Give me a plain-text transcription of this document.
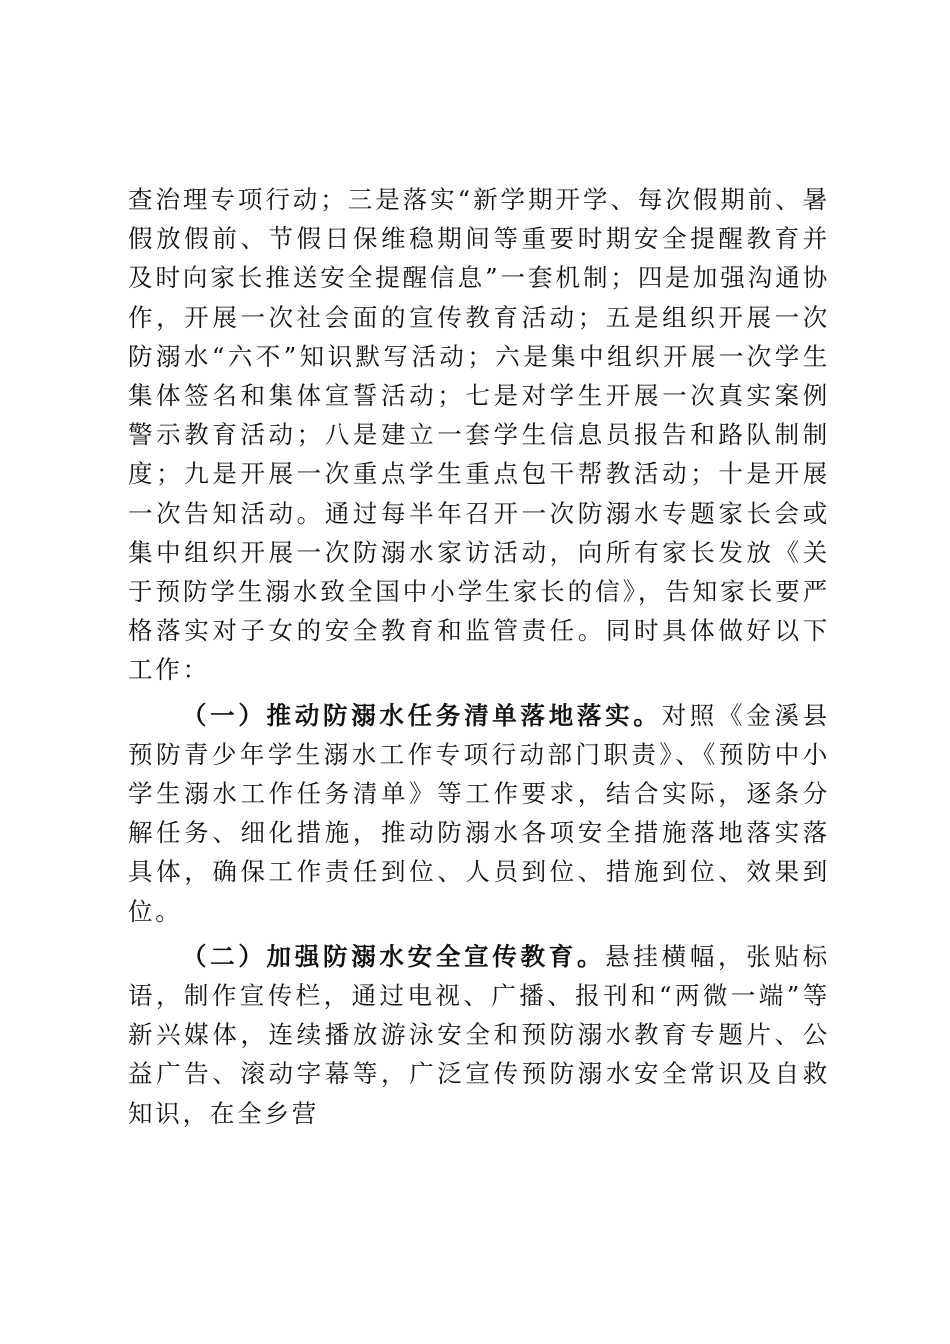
查治理专项行动；三是落实“新学期开学、每次假期前、暑假放假前、节假日保维稳期间等重要时期安全提醒教育并及时向家长推送安全提醒信息”一套机制；四是加强沟通协作，开展一次社会面的宣传教育活动；五是组织开展一次防溺水“六不”知识默写活动；六是集中组织开展一次学生集体签名和集体宣誓活动；七是对学生开展一次真实案例警示教育活动；八是建立一套学生信息员报告和路队制制度；九是开展一次重点学生重点包干帮教活动；十是开展一次告知活动。通过每半年召开一次防溺水专题家长会或集中组织开展一次防溺水家访活动，向所有家长发放《关于预防学生溺水致全国中小学生家长的信》，告知家长要严格落实对子女的安全教育和监管责任。同时具体做好以下工作：

（一）推动防溺水任务清单落地落实。对照《金溪县预防青少年学生溺水工作专项行动部门职责》、《预防中小学生溺水工作任务清单》等工作要求，结合实际，逐条分解任务、细化措施，推动防溺水各项安全措施落地落实落具体，确保工作责任到位、人员到位、措施到位、效果到位。

（二）加强防溺水安全宣传教育。悬挂横幅，张贴标语，制作宣传栏，通过电视、广播、报刊和“两微一端”等新兴媒体，连续播放游泳安全和预防溺水教育专题片、公益广告、滚动字幕等，广泛宣传预防溺水安全常识及自救知识，在全乡营
